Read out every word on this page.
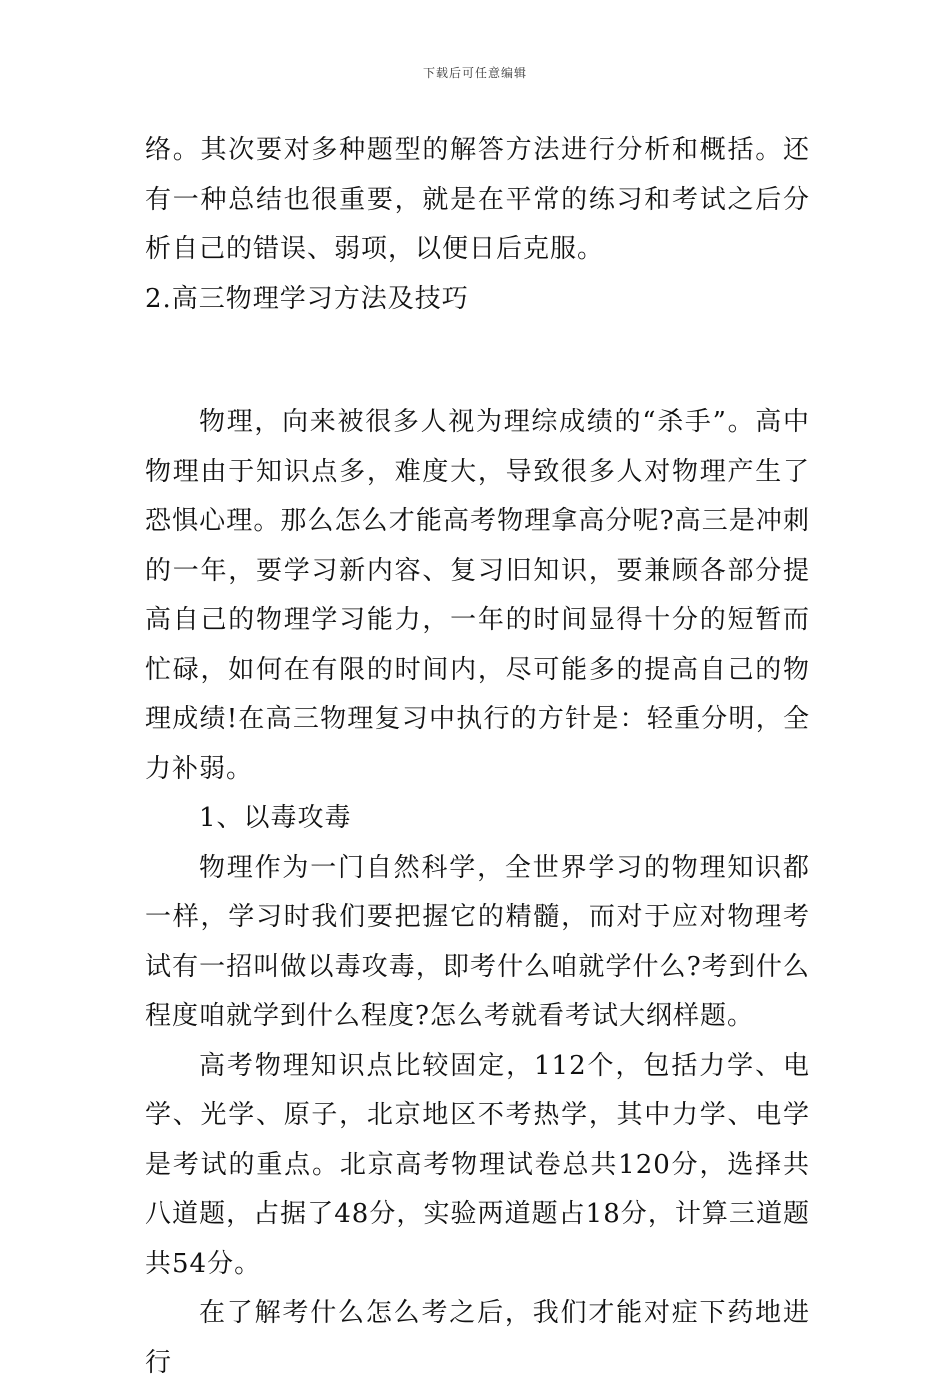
下载后可任意编辑

络。其次要对多种题型的解答方法进行分析和概括。还有一种总结也很重要，就是在平常的练习和考试之后分析自己的错误、弱项，以便日后克服。

2.高三物理学习方法及技巧

物理，向来被很多人视为理综成绩的“杀手”。高中物理由于知识点多，难度大，导致很多人对物理产生了恐惧心理。那么怎么才能高考物理拿高分呢?高三是冲刺的一年，要学习新内容、复习旧知识，要兼顾各部分提高自己的物理学习能力，一年的时间显得十分的短暂而忙碌，如何在有限的时间内，尽可能多的提高自己的物理成绩!在高三物理复习中执行的方针是：轻重分明，全力补弱。

1、以毒攻毒

物理作为一门自然科学，全世界学习的物理知识都一样，学习时我们要把握它的精髓，而对于应对物理考试有一招叫做以毒攻毒，即考什么咱就学什么?考到什么程度咱就学到什么程度?怎么考就看考试大纲样题。

高考物理知识点比较固定，112个，包括力学、电学、光学、原子，北京地区不考热学，其中力学、电学是考试的重点。北京高考物理试卷总共120分，选择共八道题，占据了48分，实验两道题占18分，计算三道题共54分。

在了解考什么怎么考之后，我们才能对症下药地进行
